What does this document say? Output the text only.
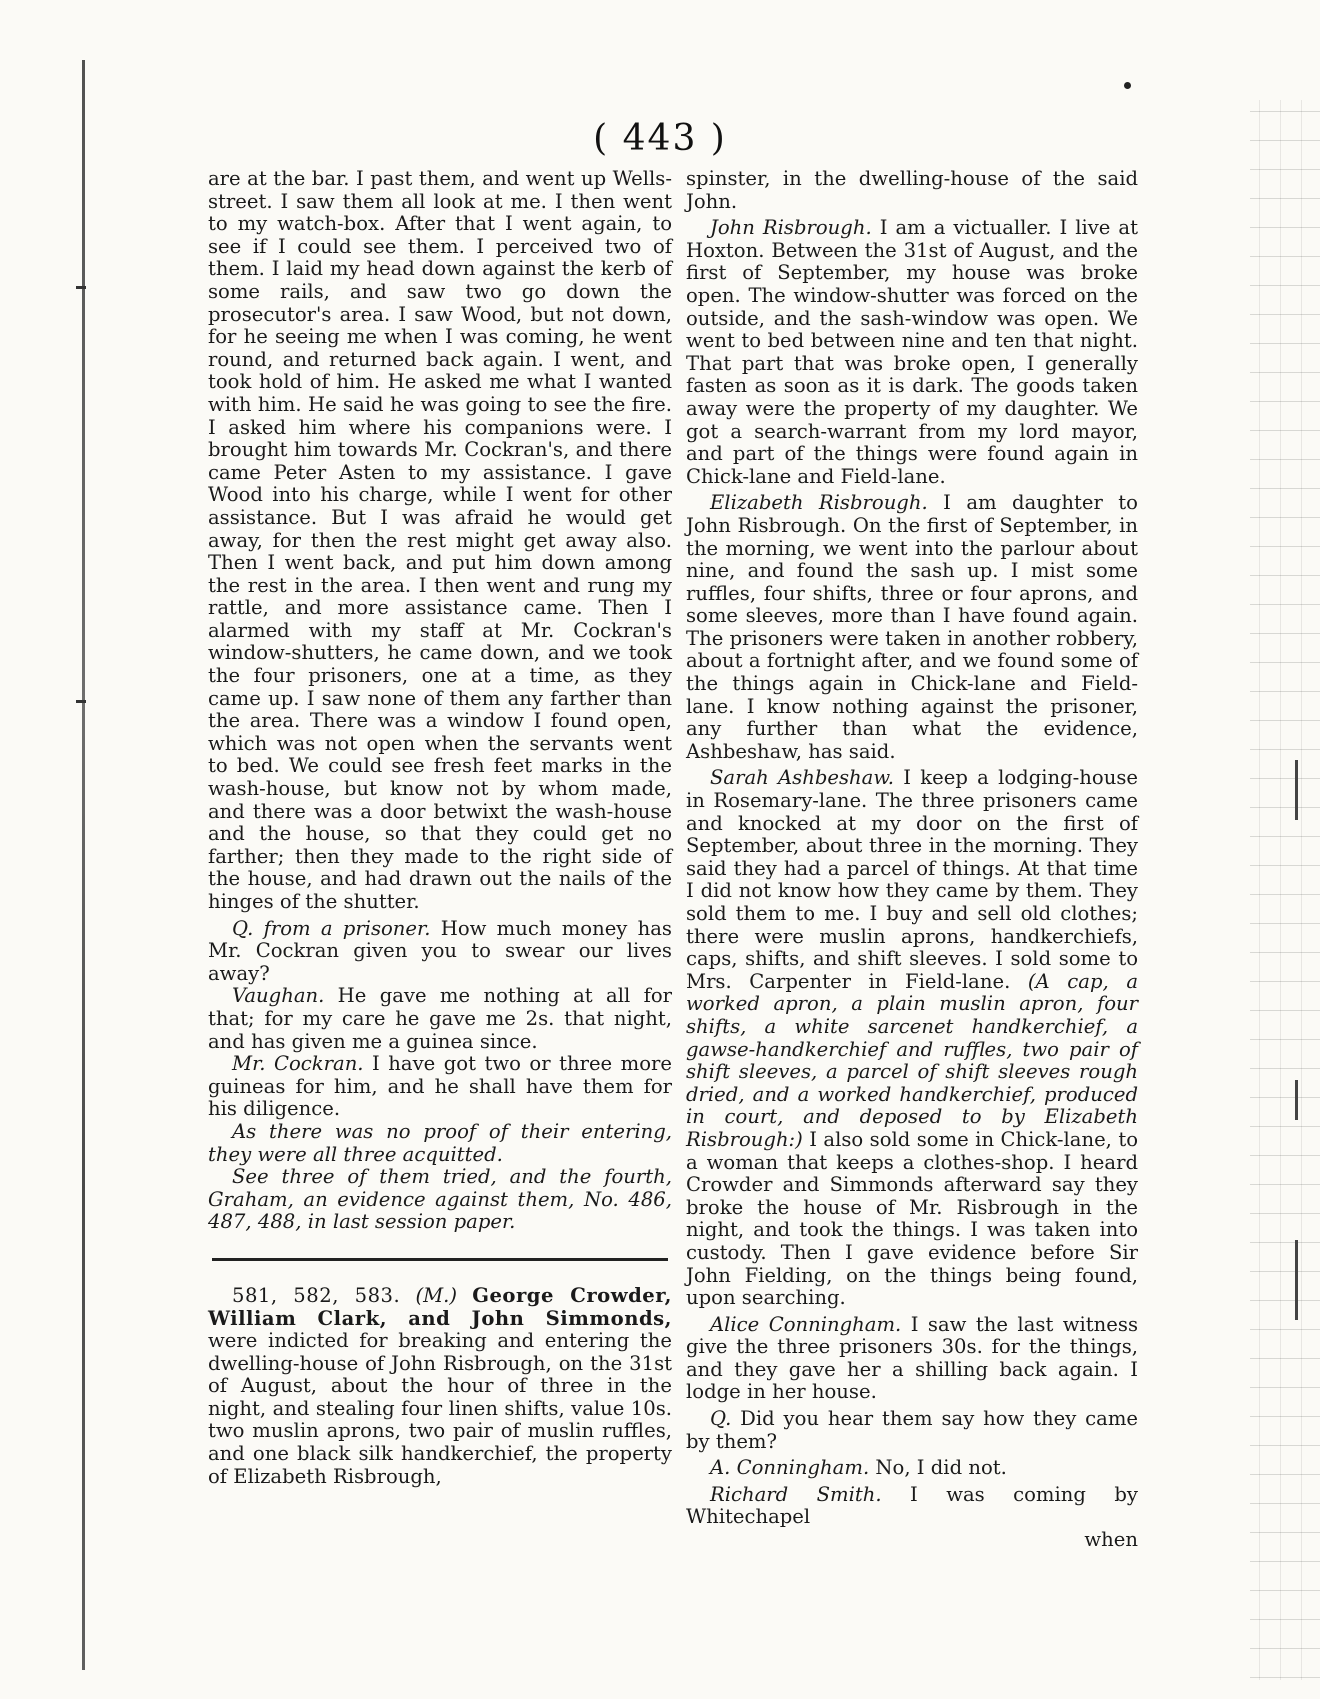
( 443 )

are at the bar. I past them, and went up Wells-street. I saw them all look at me. I then went to my watch-box. After that I went again, to see if I could see them. I perceived two of them. I laid my head down against the kerb of some rails, and saw two go down the prosecutor's area. I saw Wood, but not down, for he seeing me when I was coming, he went round, and returned back again. I went, and took hold of him. He asked me what I wanted with him. He said he was going to see the fire. I asked him where his companions were. I brought him towards Mr. Cockran's, and there came Peter Asten to my assistance. I gave Wood into his charge, while I went for other assistance. But I was afraid he would get away, for then the rest might get away also. Then I went back, and put him down among the rest in the area. I then went and rung my rattle, and more assistance came. Then I alarmed with my staff at Mr. Cockran's window-shutters, he came down, and we took the four prisoners, one at a time, as they came up. I saw none of them any farther than the area. There was a window I found open, which was not open when the servants went to bed. We could see fresh feet marks in the wash-house, but know not by whom made, and there was a door betwixt the wash-house and the house, so that they could get no farther; then they made to the right side of the house, and had drawn out the nails of the hinges of the shutter.

Q. from a prisoner. How much money has Mr. Cockran given you to swear our lives away?

Vaughan. He gave me nothing at all for that; for my care he gave me 2s. that night, and has given me a guinea since.

Mr. Cockran. I have got two or three more guineas for him, and he shall have them for his diligence.

As there was no proof of their entering, they were all three acquitted.

See three of them tried, and the fourth, Graham, an evidence against them, No. 486, 487, 488, in last session paper.

581, 582, 583. (M.) George Crowder, William Clark, and John Simmonds, were indicted for breaking and entering the dwelling-house of John Risbrough, on the 31st of August, about the hour of three in the night, and stealing four linen shifts, value 10s. two muslin aprons, two pair of muslin ruffles, and one black silk handkerchief, the property of Elizabeth Risbrough,

spinster, in the dwelling-house of the said John.

John Risbrough. I am a victualler. I live at Hoxton. Between the 31st of August, and the first of September, my house was broke open. The window-shutter was forced on the outside, and the sash-window was open. We went to bed between nine and ten that night. That part that was broke open, I generally fasten as soon as it is dark. The goods taken away were the property of my daughter. We got a search-warrant from my lord mayor, and part of the things were found again in Chick-lane and Field-lane.

Elizabeth Risbrough. I am daughter to John Risbrough. On the first of September, in the morning, we went into the parlour about nine, and found the sash up. I mist some ruffles, four shifts, three or four aprons, and some sleeves, more than I have found again. The prisoners were taken in another robbery, about a fortnight after, and we found some of the things again in Chick-lane and Field-lane. I know nothing against the prisoner, any further than what the evidence, Ashbeshaw, has said.

Sarah Ashbeshaw. I keep a lodging-house in Rosemary-lane. The three prisoners came and knocked at my door on the first of September, about three in the morning. They said they had a parcel of things. At that time I did not know how they came by them. They sold them to me. I buy and sell old clothes; there were muslin aprons, handkerchiefs, caps, shifts, and shift sleeves. I sold some to Mrs. Carpenter in Field-lane. (A cap, a worked apron, a plain muslin apron, four shifts, a white sarcenet handkerchief, a gawse-handkerchief and ruffles, two pair of shift sleeves, a parcel of shift sleeves rough dried, and a worked handkerchief, produced in court, and deposed to by Elizabeth Risbrough:) I also sold some in Chick-lane, to a woman that keeps a clothes-shop. I heard Crowder and Simmonds afterward say they broke the house of Mr. Risbrough in the night, and took the things. I was taken into custody. Then I gave evidence before Sir John Fielding, on the things being found, upon searching.

Alice Conningham. I saw the last witness give the three prisoners 30s. for the things, and they gave her a shilling back again. I lodge in her house.

Q. Did you hear them say how they came by them?

A. Conningham. No, I did not.

Richard Smith. I was coming by Whitechapel

when
